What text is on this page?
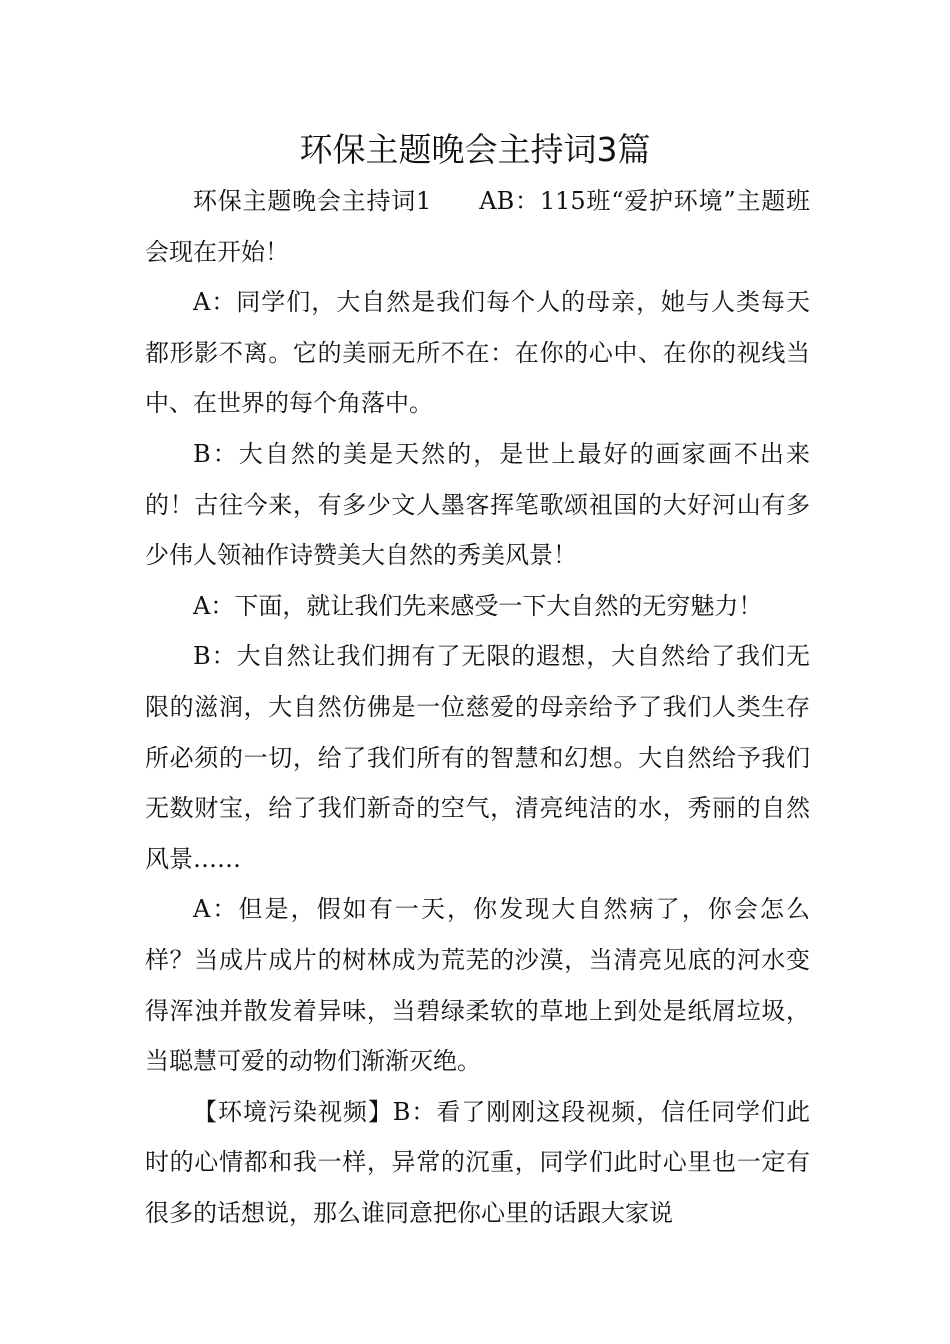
环保主题晚会主持词3篇

环保主题晚会主持词1 AB：115班“爱护环境”主题班会现在开始！

A：同学们，大自然是我们每个人的母亲，她与人类每天都形影不离。它的美丽无所不在：在你的心中、在你的视线当中、在世界的每个角落中。

B：大自然的美是天然的，是世上最好的画家画不出来的！古往今来，有多少文人墨客挥笔歌颂祖国的大好河山有多少伟人领袖作诗赞美大自然的秀美风景！

A：下面，就让我们先来感受一下大自然的无穷魅力！

B：大自然让我们拥有了无限的遐想，大自然给了我们无限的滋润，大自然仿佛是一位慈爱的母亲给予了我们人类生存所必须的一切，给了我们所有的智慧和幻想。大自然给予我们无数财宝，给了我们新奇的空气，清亮纯洁的水，秀丽的自然风景……

A：但是，假如有一天，你发现大自然病了，你会怎么样？当成片成片的树林成为荒芜的沙漠，当清亮见底的河水变得浑浊并散发着异味，当碧绿柔软的草地上到处是纸屑垃圾，当聪慧可爱的动物们渐渐灭绝。

【环境污染视频】B：看了刚刚这段视频，信任同学们此时的心情都和我一样，异常的沉重，同学们此时心里也一定有很多的话想说，那么谁同意把你心里的话跟大家说
